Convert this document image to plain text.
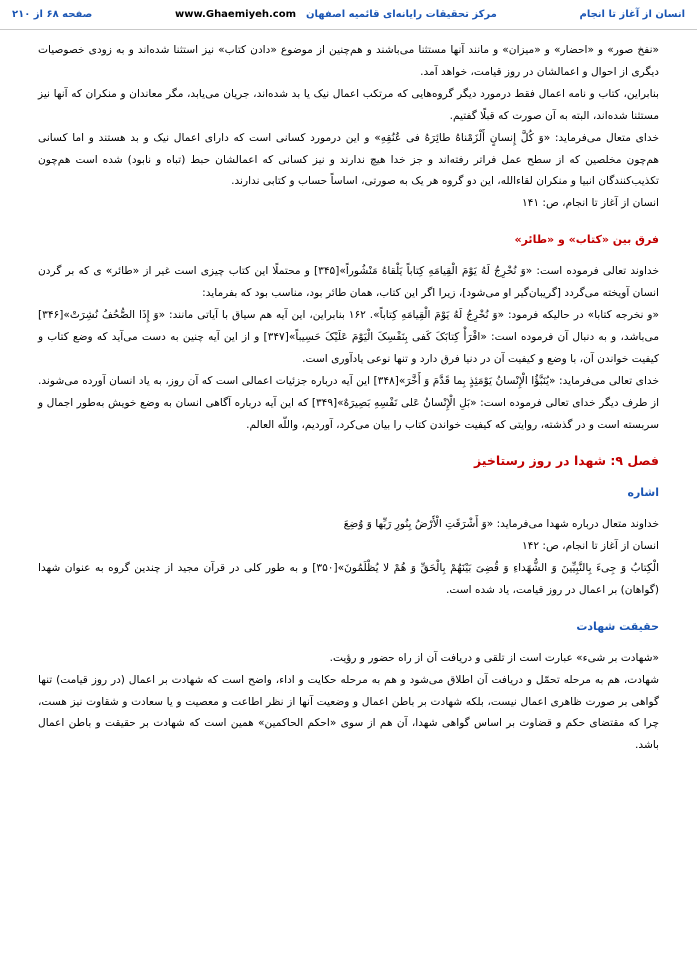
صفحه ۶۸ از ۲۱۰	www.Ghaemiyeh.com مرکز تحقیقات رایانه‌ای قائمیه اصفهان	انسان از آغاز تا انجام

«نفخ صور» و «احضار» و «میزان» و مانند آنها مستثنا می‌باشند و هم‌چنین از موضوع «دادن کتاب» نیز استثنا شده‌اند و به زودی خصوصیات دیگری از احوال و اعمالشان در روز قیامت، خواهد آمد.

بنابراین، کتاب و نامه اعمال فقط درمورد دیگر گروه‌هایی که مرتکب اعمال نیک یا بد شده‌اند، جریان می‌یابد، مگر معاندان و منکران که آنها نیز مستثنا شده‌اند، البته به آن صورت که قبلًا گفتیم.

خدای متعال می‌فرماید: «وَ کُلَّ إِنسانٍ أَلْزَمْناهُ طائِرَهُ فی عُنُقِهِ» و این درمورد کسانی است که دارای اعمال نیک و بد هستند و اما کسانی هم‌چون مخلصین که از سطح عمل فراتر رفته‌اند و جز خدا هیچ ندارند و نیز کسانی که اعمالشان حبط (تباه و نابود) شده است هم‌چون تکذیب‌کنندگان انبیا و منکران لقاءالله، این دو گروه هر یک به صورتی، اساساً حساب و کتابی ندارند.

انسان از آغاز تا انجام، ص: ۱۴۱

فرق بین «کتاب» و «طائر»

خداوند تعالی فرموده است: «وَ نُخْرِجُ لَهُ یَوْمَ الْقِیامَهِ کِتاباً یَلْقاهُ مَنْشُوراً»[۳۴۵] و محتملًا این کتاب چیزی است غیر از «طائر» ی که بر گردن انسان آویخته می‌گردد [گریبان‌گیر او می‌شود]، زیرا اگر این کتاب، همان طائر بود، مناسب بود که بفرماید:

«و نخرجه کتابا» در حالیکه فرمود: «وَ نُخْرِجُ لَهُ یَوْمَ الْقِیامَهِ کِتاباً». ۱۶۲ بنابراین، این آیه هم سیاق با آیاتی مانند: «وَ إِذَا الصُّحُفُ نُشِرَتْ»[۳۴۶] می‌باشد، و به دنبال آن فرموده است: «اقْرَأْ کِتابَکَ کَفی بِنَفْسِکَ الْیَوْمَ عَلَیْکَ حَسِیباً»[۳۴۷] و از این آیه چنین به دست می‌آید که وضع کتاب و کیفیت خواندن آن، با وضع و کیفیت آن در دنیا فرق دارد و تنها نوعی یادآوری است.

خدای تعالی می‌فرماید: «یُنَبَّؤُا الْإِنْسانُ یَوْمَئِذٍ بِما قَدَّمَ وَ أَخَّرَ»[۳۴۸] این آیه درباره جزئیات اعمالی است که آن روز، به یاد انسان آورده می‌شوند. از طرف دیگر خدای تعالی فرموده است: «بَلِ الْإِنْسانُ عَلی نَفْسِهِ بَصِیرَهٌ»[۳۴۹] که این آیه درباره آگاهی انسان به وضع خویش به‌طور اجمال و سربسته است و در گذشته، روایتی که کیفیت خواندن کتاب را بیان می‌کرد، آوردیم، واللّه العالم.

فصل ۹: شهدا در روز رستاخیز

اشاره

خداوند متعال درباره شهدا می‌فرماید: «وَ أَشْرَقَتِ الْأَرْضُ بِنُورِ رَبِّها وَ وُضِعَ

انسان از آغاز تا انجام، ص: ۱۴۲

الْکِتابُ وَ جِیءَ بِالنَّبِیِّینَ وَ الشُّهَداءِ وَ قُضِیَ بَیْنَهُمْ بِالْحَقِّ وَ هُمْ لا یُظْلَمُونَ»[۳۵۰] و به طور کلی در قرآن مجید از چندین گروه به عنوان شهدا (گواهان) بر اعمال در روز قیامت، یاد شده است.

حقیقت شهادت

«شهادت بر شیء» عبارت است از تلقی و دریافت آن از راه حضور و رؤیت.

شهادت، هم به مرحله تحمّل و دریافت آن اطلاق می‌شود و هم به مرحله حکایت و اداء، واضح است که شهادت بر اعمال (در روز قیامت) تنها گواهی بر صورت ظاهری اعمال نیست، بلکه شهادت بر باطن اعمال و وضعیت آنها از نظر اطاعت و معصیت و یا سعادت و شقاوت نیز هست، چرا که مقتضای حکم و قضاوت بر اساس گواهی شهدا، آن هم از سوی «احکم الحاکمین» همین است که شهادت بر حقیقت و باطن اعمال باشد.
